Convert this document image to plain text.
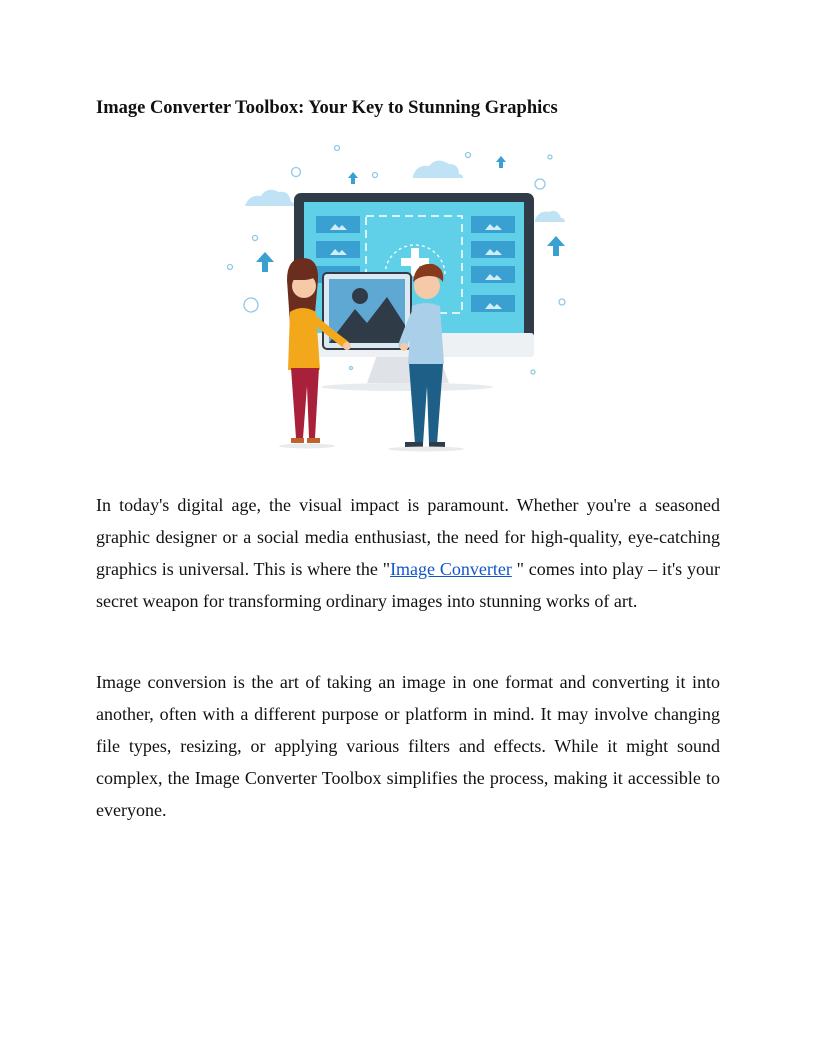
Image Converter Toolbox: Your Key to Stunning Graphics

In today's digital age, the visual impact is paramount. Whether you're a seasoned graphic designer or a social media enthusiast, the need for high-quality, eye-catching graphics is universal. This is where the "Image Converter " comes into play – it's your secret weapon for transforming ordinary images into stunning works of art.

Image conversion is the art of taking an image in one format and converting it into another, often with a different purpose or platform in mind. It may involve changing file types, resizing, or applying various filters and effects. While it might sound complex, the Image Converter Toolbox simplifies the process, making it accessible to everyone.
